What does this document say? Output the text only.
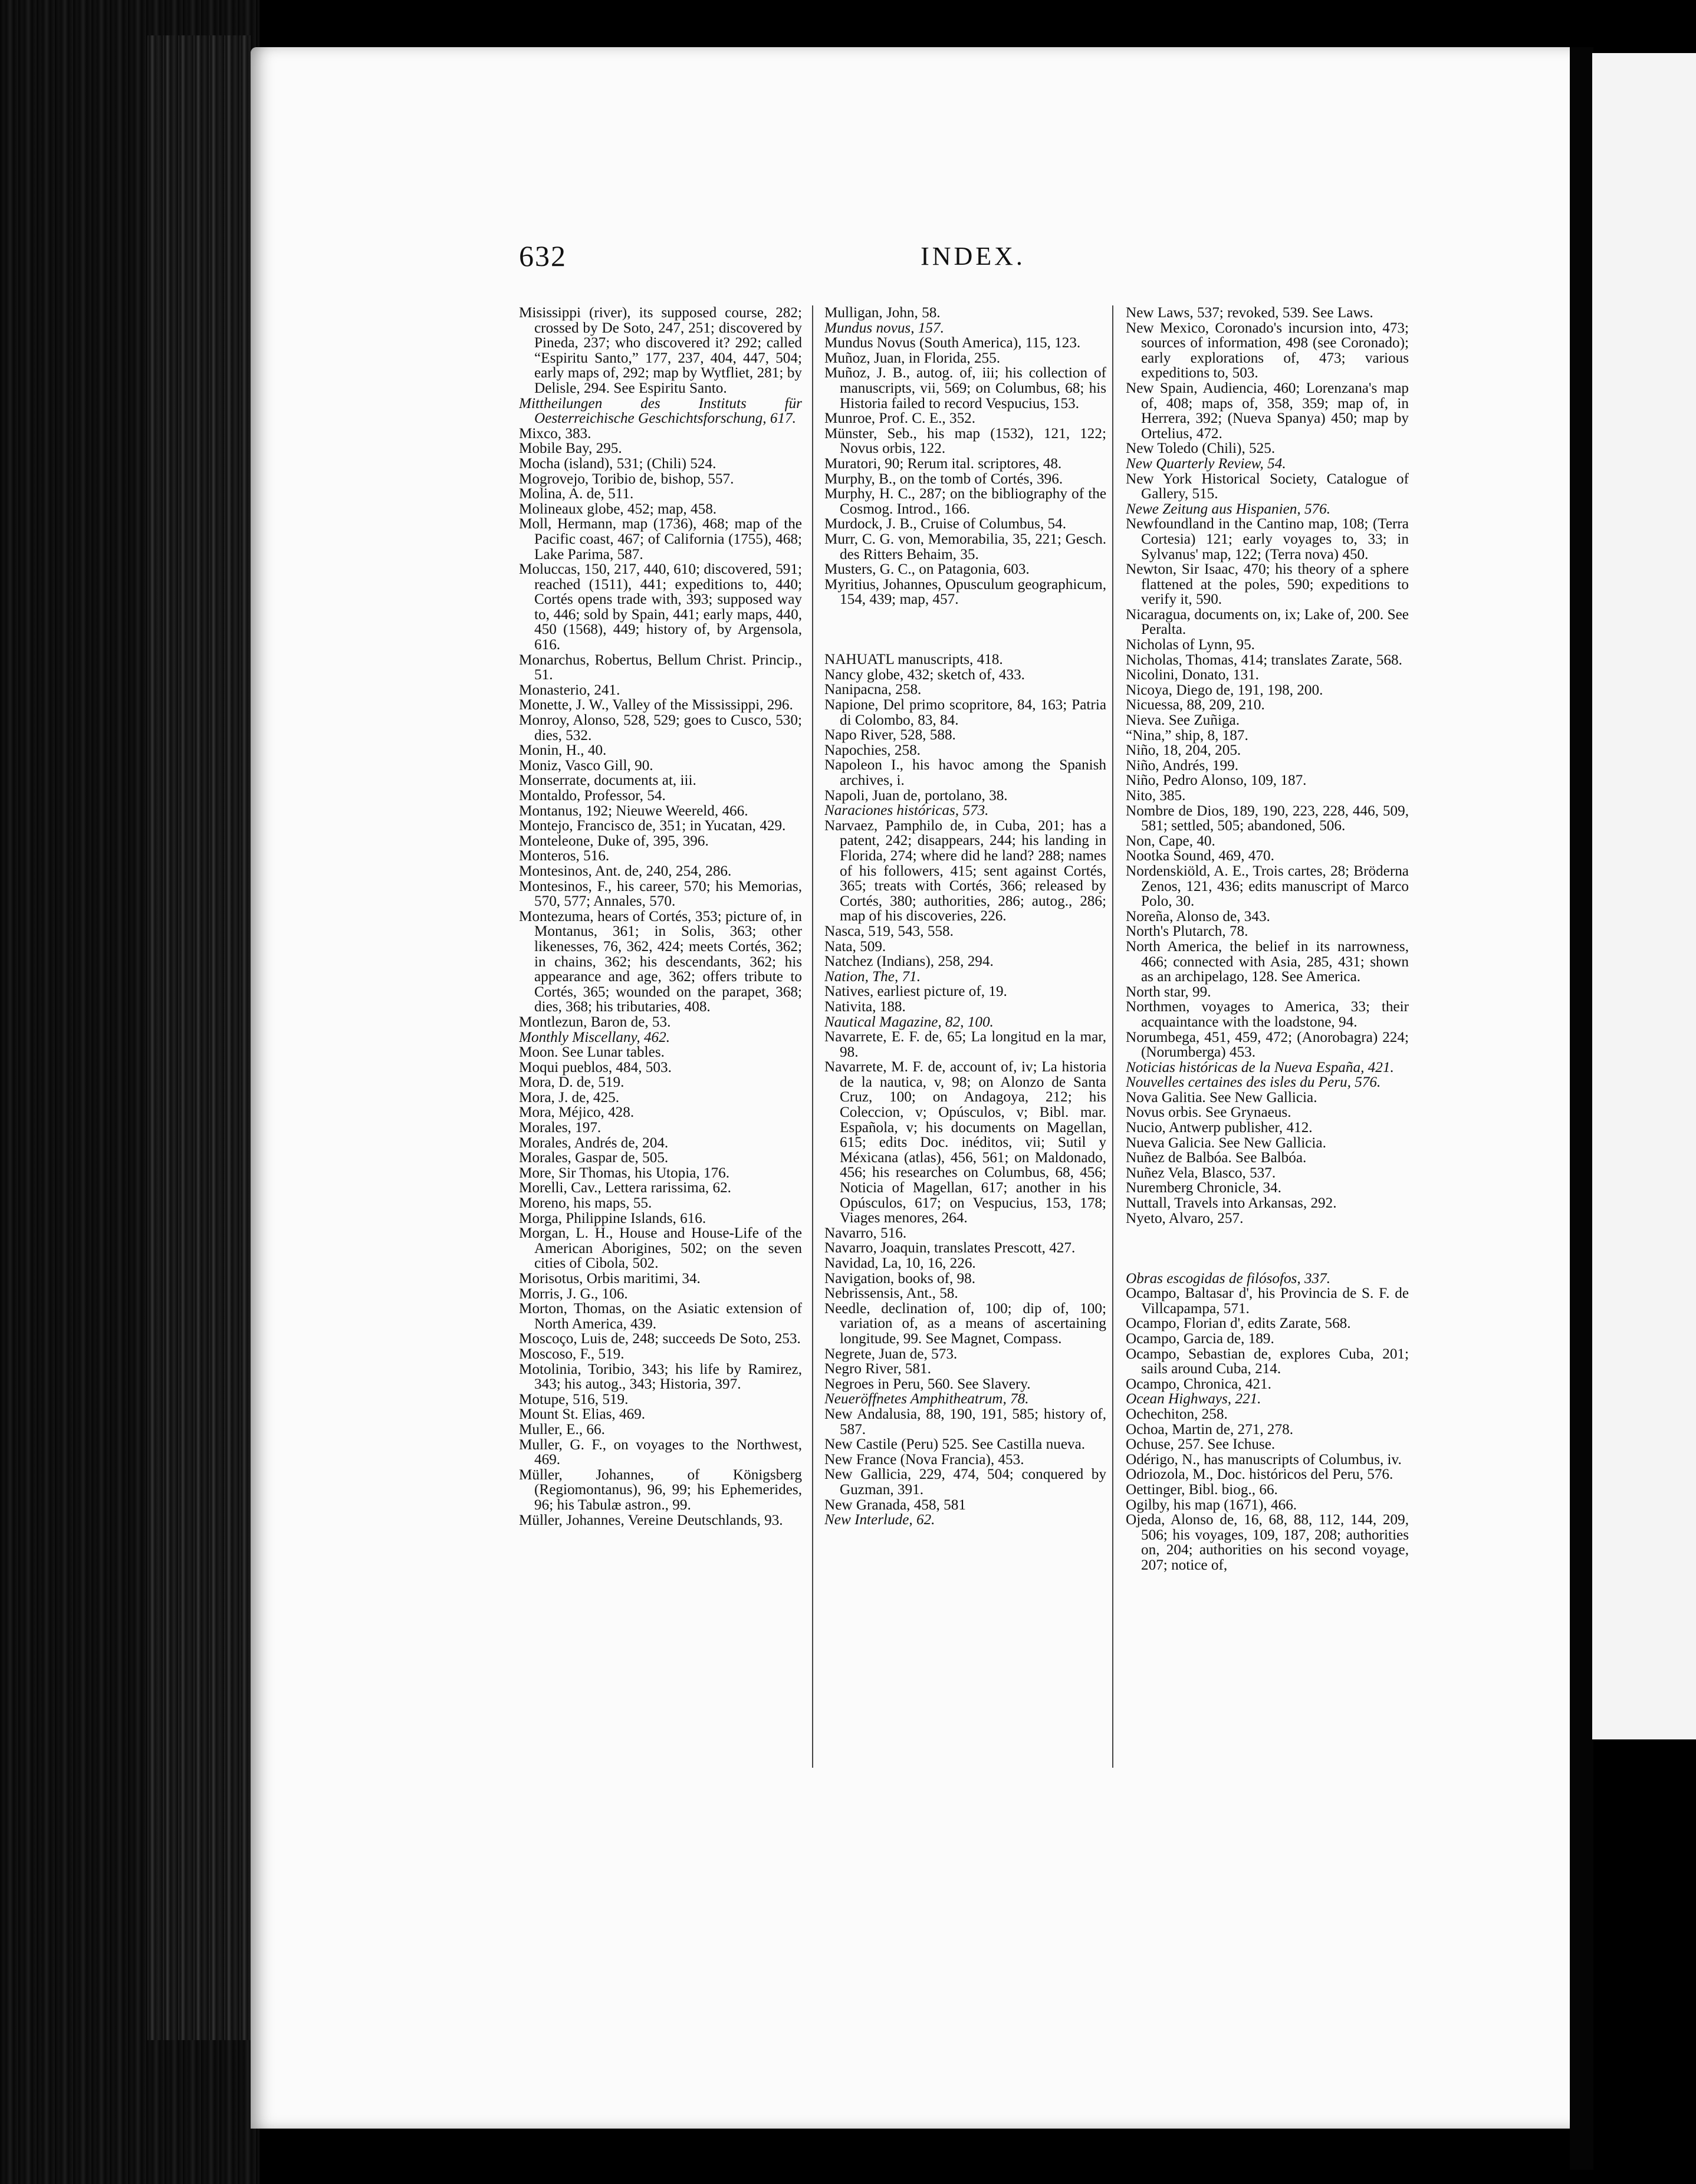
632	INDEX.

Misissippi (river), its supposed course, 282; crossed by De Soto, 247, 251; discovered by Pineda, 237; who discovered it? 292; called “Espiritu Santo,” 177, 237, 404, 447, 504; early maps of, 292; map by Wytfliet, 281; by Delisle, 294. See Espiritu Santo.

Mittheilungen des Instituts für Oesterreichische Geschichtsforschung, 617.

Mixco, 383.

Mobile Bay, 295.

Mocha (island), 531; (Chili) 524.

Mogrovejo, Toribio de, bishop, 557.

Molina, A. de, 511.

Molineaux globe, 452; map, 458.

Moll, Hermann, map (1736), 468; map of the Pacific coast, 467; of California (1755), 468; Lake Parima, 587.

Moluccas, 150, 217, 440, 610; discovered, 591; reached (1511), 441; expeditions to, 440; Cortés opens trade with, 393; supposed way to, 446; sold by Spain, 441; early maps, 440, 450 (1568), 449; history of, by Argensola, 616.

Monarchus, Robertus, Bellum Christ. Princip., 51.

Monasterio, 241.

Monette, J. W., Valley of the Mississippi, 296.

Monroy, Alonso, 528, 529; goes to Cusco, 530; dies, 532.

Monin, H., 40.

Moniz, Vasco Gill, 90.

Monserrate, documents at, iii.

Montaldo, Professor, 54.

Montanus, 192; Nieuwe Weereld, 466.

Montejo, Francisco de, 351; in Yucatan, 429.

Monteleone, Duke of, 395, 396.

Monteros, 516.

Montesinos, Ant. de, 240, 254, 286.

Montesinos, F., his career, 570; his Memorias, 570, 577; Annales, 570.

Montezuma, hears of Cortés, 353; picture of, in Montanus, 361; in Solis, 363; other likenesses, 76, 362, 424; meets Cortés, 362; in chains, 362; his descendants, 362; his appearance and age, 362; offers tribute to Cortés, 365; wounded on the parapet, 368; dies, 368; his tributaries, 408.

Montlezun, Baron de, 53.

Monthly Miscellany, 462.

Moon. See Lunar tables.

Moqui pueblos, 484, 503.

Mora, D. de, 519.

Mora, J. de, 425.

Mora, Méjico, 428.

Morales, 197.

Morales, Andrés de, 204.

Morales, Gaspar de, 505.

More, Sir Thomas, his Utopia, 176.

Morelli, Cav., Lettera rarissima, 62.

Moreno, his maps, 55.

Morga, Philippine Islands, 616.

Morgan, L. H., House and House-Life of the American Aborigines, 502; on the seven cities of Cibola, 502.

Morisotus, Orbis maritimi, 34.

Morris, J. G., 106.

Morton, Thomas, on the Asiatic extension of North America, 439.

Moscoço, Luis de, 248; succeeds De Soto, 253.

Moscoso, F., 519.

Motolinia, Toribio, 343; his life by Ramirez, 343; his autog., 343; Historia, 397.

Motupe, 516, 519.

Mount St. Elias, 469.

Muller, E., 66.

Muller, G. F., on voyages to the Northwest, 469.

Müller, Johannes, of Königsberg (Regiomontanus), 96, 99; his Ephemerides, 96; his Tabulæ astron., 99.

Müller, Johannes, Vereine Deutschlands, 93.

Mulligan, John, 58.

Mundus novus, 157.

Mundus Novus (South America), 115, 123.

Muñoz, Juan, in Florida, 255.

Muñoz, J. B., autog. of, iii; his collection of manuscripts, vii, 569; on Columbus, 68; his Historia failed to record Vespucius, 153.

Munroe, Prof. C. E., 352.

Münster, Seb., his map (1532), 121, 122; Novus orbis, 122.

Muratori, 90; Rerum ital. scriptores, 48.

Murphy, B., on the tomb of Cortés, 396.

Murphy, H. C., 287; on the bibliography of the Cosmog. Introd., 166.

Murdock, J. B., Cruise of Columbus, 54.

Murr, C. G. von, Memorabilia, 35, 221; Gesch. des Ritters Behaim, 35.

Musters, G. C., on Patagonia, 603.

Myritius, Johannes, Opusculum geographicum, 154, 439; map, 457.

NAHUATL manuscripts, 418.

Nancy globe, 432; sketch of, 433.

Nanipacna, 258.

Napione, Del primo scopritore, 84, 163; Patria di Colombo, 83, 84.

Napo River, 528, 588.

Napochies, 258.

Napoleon I., his havoc among the Spanish archives, i.

Napoli, Juan de, portolano, 38.

Naraciones históricas, 573.

Narvaez, Pamphilo de, in Cuba, 201; has a patent, 242; disappears, 244; his landing in Florida, 274; where did he land? 288; names of his followers, 415; sent against Cortés, 365; treats with Cortés, 366; released by Cortés, 380; authorities, 286; autog., 286; map of his discoveries, 226.

Nasca, 519, 543, 558.

Nata, 509.

Natchez (Indians), 258, 294.

Nation, The, 71.

Natives, earliest picture of, 19.

Nativita, 188.

Nautical Magazine, 82, 100.

Navarrete, E. F. de, 65; La longitud en la mar, 98.

Navarrete, M. F. de, account of, iv; La historia de la nautica, v, 98; on Alonzo de Santa Cruz, 100; on Andagoya, 212; his Coleccion, v; Opúsculos, v; Bibl. mar. Española, v; his documents on Magellan, 615; edits Doc. inéditos, vii; Sutil y Méxicana (atlas), 456, 561; on Maldonado, 456; his researches on Columbus, 68, 456; Noticia of Magellan, 617; another in his Opúsculos, 617; on Vespucius, 153, 178; Viages menores, 264.

Navarro, 516.

Navarro, Joaquin, translates Prescott, 427.

Navidad, La, 10, 16, 226.

Navigation, books of, 98.

Nebrissensis, Ant., 58.

Needle, declination of, 100; dip of, 100; variation of, as a means of ascertaining longitude, 99. See Magnet, Compass.

Negrete, Juan de, 573.

Negro River, 581.

Negroes in Peru, 560. See Slavery.

Neueröffnetes Amphitheatrum, 78.

New Andalusia, 88, 190, 191, 585; history of, 587.

New Castile (Peru) 525. See Castilla nueva.

New France (Nova Francia), 453.

New Gallicia, 229, 474, 504; conquered by Guzman, 391.

New Granada, 458, 581

New Interlude, 62.

New Laws, 537; revoked, 539. See Laws.

New Mexico, Coronado's incursion into, 473; sources of information, 498 (see Coronado); early explorations of, 473; various expeditions to, 503.

New Spain, Audiencia, 460; Lorenzana's map of, 408; maps of, 358, 359; map of, in Herrera, 392; (Nueva Spanya) 450; map by Ortelius, 472.

New Toledo (Chili), 525.

New Quarterly Review, 54.

New York Historical Society, Catalogue of Gallery, 515.

Newe Zeitung aus Hispanien, 576.

Newfoundland in the Cantino map, 108; (Terra Cortesia) 121; early voyages to, 33; in Sylvanus' map, 122; (Terra nova) 450.

Newton, Sir Isaac, 470; his theory of a sphere flattened at the poles, 590; expeditions to verify it, 590.

Nicaragua, documents on, ix; Lake of, 200. See Peralta.

Nicholas of Lynn, 95.

Nicholas, Thomas, 414; translates Zarate, 568.

Nicolini, Donato, 131.

Nicoya, Diego de, 191, 198, 200.

Nicuessa, 88, 209, 210.

Nieva. See Zuñiga.

“Nina,” ship, 8, 187.

Niño, 18, 204, 205.

Niño, Andrés, 199.

Niño, Pedro Alonso, 109, 187.

Nito, 385.

Nombre de Dios, 189, 190, 223, 228, 446, 509, 581; settled, 505; abandoned, 506.

Non, Cape, 40.

Nootka Sound, 469, 470.

Nordenskiöld, A. E., Trois cartes, 28; Bröderna Zenos, 121, 436; edits manuscript of Marco Polo, 30.

Noreña, Alonso de, 343.

North's Plutarch, 78.

North America, the belief in its narrowness, 466; connected with Asia, 285, 431; shown as an archipelago, 128. See America.

North star, 99.

Northmen, voyages to America, 33; their acquaintance with the loadstone, 94.

Norumbega, 451, 459, 472; (Anorobagra) 224; (Norumberga) 453.

Noticias históricas de la Nueva España, 421.

Nouvelles certaines des isles du Peru, 576.

Nova Galitia. See New Gallicia.

Novus orbis. See Grynaeus.

Nucio, Antwerp publisher, 412.

Nueva Galicia. See New Gallicia.

Nuñez de Balbóa. See Balbóa.

Nuñez Vela, Blasco, 537.

Nuremberg Chronicle, 34.

Nuttall, Travels into Arkansas, 292.

Nyeto, Alvaro, 257.

Obras escogidas de filósofos, 337.

Ocampo, Baltasar d', his Provincia de S. F. de Villcapampa, 571.

Ocampo, Florian d', edits Zarate, 568.

Ocampo, Garcia de, 189.

Ocampo, Sebastian de, explores Cuba, 201; sails around Cuba, 214.

Ocampo, Chronica, 421.

Ocean Highways, 221.

Ochechiton, 258.

Ochoa, Martin de, 271, 278.

Ochuse, 257. See Ichuse.

Odérigo, N., has manuscripts of Columbus, iv.

Odriozola, M., Doc. históricos del Peru, 576.

Oettinger, Bibl. biog., 66.

Ogilby, his map (1671), 466.

Ojeda, Alonso de, 16, 68, 88, 112, 144, 209, 506; his voyages, 109, 187, 208; authorities on, 204; authorities on his second voyage, 207; notice of,
